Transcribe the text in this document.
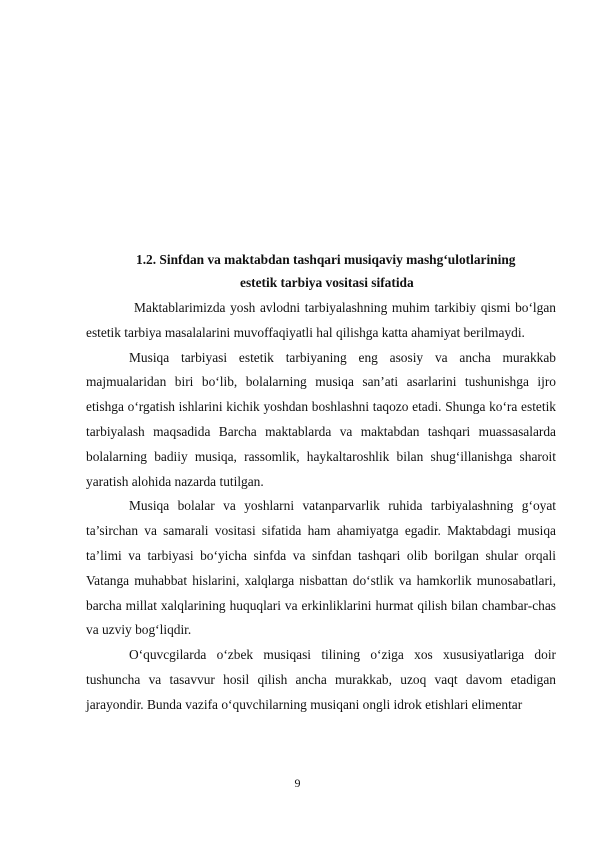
1.2. Sinfdan va maktabdan tashqari musiqaviy mashg‘ulotlarining
estetik tarbiya vositasi sifatida

Maktablarimizda yosh avlodni tarbiyalashning muhim tarkibiy qismi bo‘lgan estetik tarbiya masalalarini muvoffaqiyatli hal qilishga katta ahamiyat berilmaydi.

Musiqa tarbiyasi estetik tarbiyaning eng asosiy va ancha murakkab majmualaridan biri bo‘lib, bolalarning musiqa san’ati asarlarini tushunishga ijro etishga o‘rgatish ishlarini kichik yoshdan boshlashni taqozo etadi. Shunga ko‘ra estetik tarbiyalash maqsadida Barcha maktablarda va maktabdan tashqari muassasalarda bolalarning badiiy musiqa, rassomlik, haykaltaroshlik bilan shug‘illanishga sharoit yaratish alohida nazarda tutilgan.

Musiqa bolalar va yoshlarni vatanparvarlik ruhida tarbiyalashning g‘oyat ta’sirchan va samarali vositasi sifatida ham ahamiyatga egadir. Maktabdagi musiqa ta’limi va tarbiyasi bo‘yicha sinfda va sinfdan tashqari olib borilgan shular orqali Vatanga muhabbat hislarini, xalqlarga nisbattan do‘stlik va hamkorlik munosabatlari, barcha millat xalqlarining huquqlari va erkinliklarini hurmat qilish bilan chambar-chas va uzviy bog‘liqdir.

O‘quvcgilarda o‘zbek musiqasi tilining o‘ziga xos xususiyatlariga doir tushuncha va tasavvur hosil qilish ancha murakkab, uzoq vaqt davom etadigan jarayondir. Bunda vazifa o‘quvchilarning musiqani ongli idrok etishlari elimentar

9
